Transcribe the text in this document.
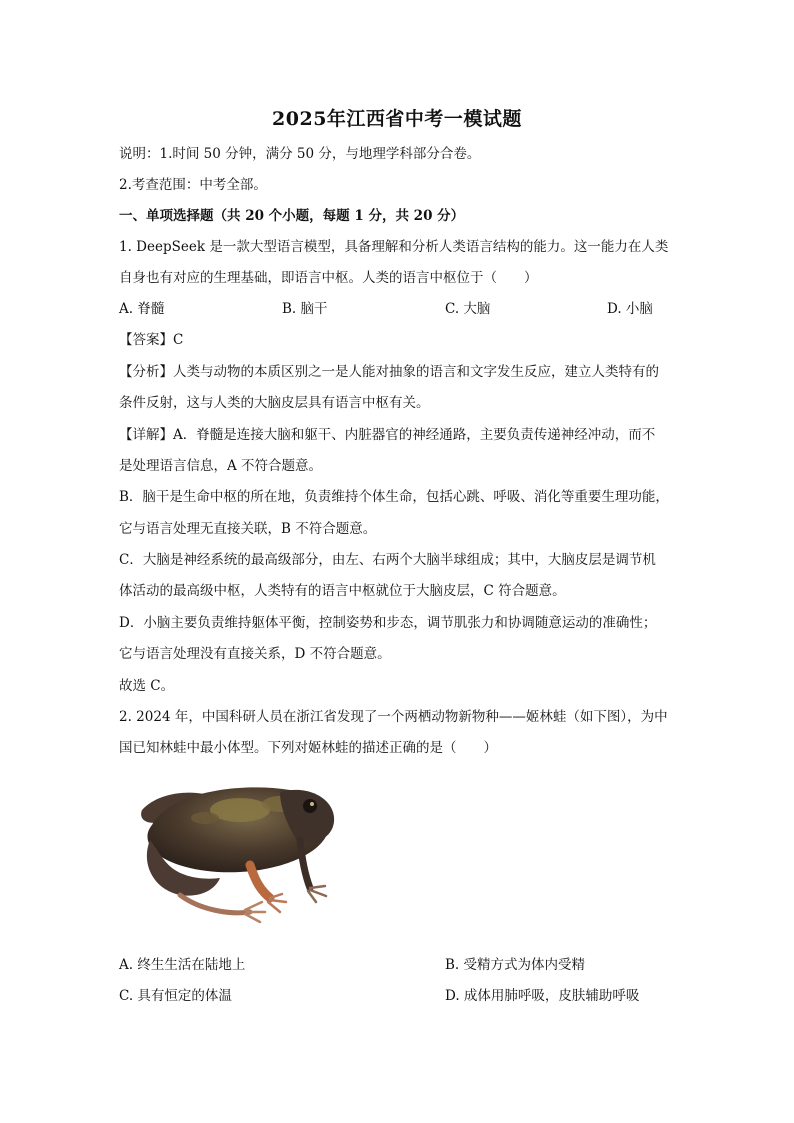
2025年江西省中考一模试题
说明：1.时间 50 分钟，满分 50 分，与地理学科部分合卷。
2.考查范围：中考全部。
一、单项选择题（共 20 个小题，每题 1 分，共 20 分）
1. DeepSeek 是一款大型语言模型，具备理解和分析人类语言结构的能力。这一能力在人类
自身也有对应的生理基础，即语言中枢。人类的语言中枢位于（　　）
A. 脊髓	B. 脑干	C. 大脑	D. 小脑
【答案】C
【分析】人类与动物的本质区别之一是人能对抽象的语言和文字发生反应，建立人类特有的
条件反射，这与人类的大脑皮层具有语言中枢有关。
【详解】A．脊髓是连接大脑和躯干、内脏器官的神经通路，主要负责传递神经冲动，而不
是处理语言信息，A 不符合题意。
B．脑干是生命中枢的所在地，负责维持个体生命，包括心跳、呼吸、消化等重要生理功能，
它与语言处理无直接关联，B 不符合题意。
C．大脑是神经系统的最高级部分，由左、右两个大脑半球组成；其中，大脑皮层是调节机
体活动的最高级中枢，人类特有的语言中枢就位于大脑皮层，C 符合题意。
D．小脑主要负责维持躯体平衡，控制姿势和步态，调节肌张力和协调随意运动的准确性；
它与语言处理没有直接关系，D 不符合题意。
故选 C。
2. 2024 年，中国科研人员在浙江省发现了一个两栖动物新物种——姬林蛙（如下图），为中
国已知林蛙中最小体型。下列对姬林蛙的描述正确的是（　　）
A. 终生生活在陆地上	B. 受精方式为体内受精
C. 具有恒定的体温	D. 成体用肺呼吸，皮肤辅助呼吸
